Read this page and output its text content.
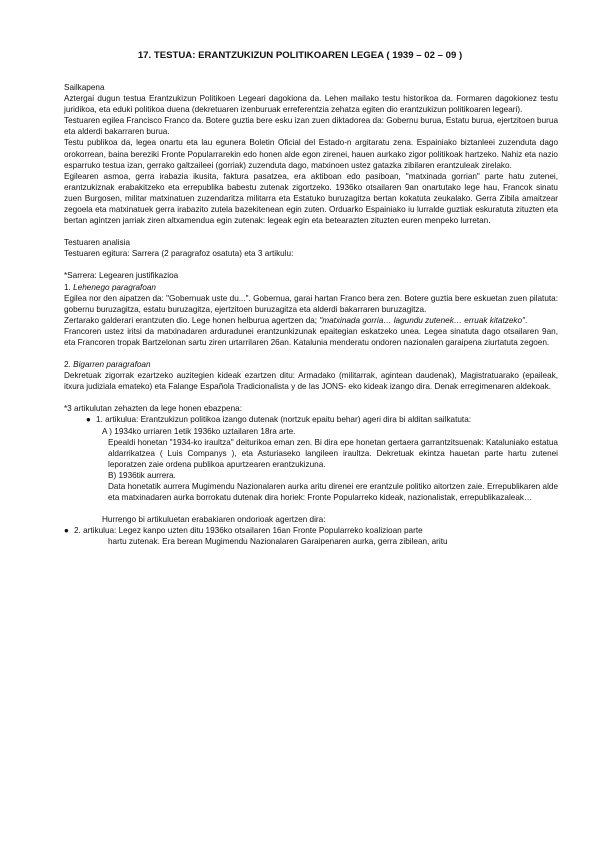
17. TESTUA: ERANTZUKIZUN POLITIKOAREN LEGEA ( 1939 – 02 – 09 )

Sailkapena

Aztergai dugun testua Erantzukizun Politikoen Legeari dagokiona da. Lehen mailako testu historikoa da. Formaren dagokionez testu juridikoa, eta eduki politikoa duena (dekretuaren izenburuak erreferentzia zehatza egiten dio erantzukizun politikoaren legeari).

Testuaren egilea Francisco Franco da. Botere guztia bere esku izan zuen diktadorea da: Gobernu burua, Estatu burua, ejertzitoen burua eta alderdi bakarraren burua.

Testu publikoa da, legea onartu eta lau egunera Boletin Oficial del Estado-n argitaratu zena. Espainiako biztanleei zuzenduta dago orokorrean, baina bereziki Fronte Popularrarekin edo honen alde egon zirenei, hauen aurkako zigor politikoak hartzeko. Nahiz eta nazio esparruko testua izan, gerrako galtzaileei (gorriak) zuzenduta dago, matxinoen ustez gatazka zibilaren erantzuleak zirelako.

Egilearen asmoa, gerra irabazia ikusita, faktura pasatzea, era aktiboan edo pasiboan, "matxinada gorrian" parte hatu zutenei, erantzukiznak erabakitzeko eta errepublika babestu zutenak zigortzeko. 1936ko otsailaren 9an onartutako lege hau, Francok sinatu zuen Burgosen, militar matxinatuen zuzendaritza militarra eta Estatuko buruzagitza bertan kokatuta zeukalako. Gerra Zibila amaitzear zegoela eta matxinatuek gerra irabazito zutela bazekitenean egin zuten. Orduarko Espainiako iu lurralde guztiak eskuratuta zituzten eta bertan agintzen jarriak ziren altxamenduа egin zutenak: legeak egin eta betearazten zituzten euren menpeko lurretan.

Testuaren analisia

Testuaren egitura: Sarrera (2 paragrafoz osatuta) eta 3 artikulu:

*Sarrera: Legearen justifikazioa

1. Lehenego paragrafoan

Egilea nor den aipatzen da: "Gobernuak uste du...". Gobernua, garai hartan Franco bera zen. Botere guztia bere eskuetan zuen pilatuta: gobernu buruzagitza, estatu buruzagitza, ejertzitoen buruzagitza eta alderdi bakarraren buruzagitza.

Zertarako galderari erantzuten dio. Lege honen helburua agertzen da; "matxinada gorria… lagundu zutenek… erruak kitatzeko".

Francoren ustez iritsi da matxinadaren arduradunei erantzunkizunak epaitegian eskatzeko unea. Legea sinatuta dago otsailaren 9an, eta Francoren tropak Bartzelonan sartu ziren urtarrilaren 26an. Katalunia menderatu ondoren nazionalen garaipena ziurtatuta zegoen.

2. Bigarren paragrafoan

Dekretuak zigorrak ezartzeko auzitegien kideak ezartzen ditu: Armadako (militarrak, agintean daudenak), Magistratuarako (epaileak, itxura judiziala emateko) eta Falange Española Tradicionalista y de las JONS- eko kideak izango dira. Denak erregimenaren aldekoak.

*3 artikulutan zehazten da lege honen ebazpena:

● 1. artikulua: Erantzukizun politikoa izango dutenak (nortzuk epaitu behar) ageri dira bi alditan sailkatuta:

A ) 1934ko urriaren 1etik 1936ko uztailaren 18ra arte.

Epealdi honetan "1934-ko iraultza" deiturikoa eman zen. Bi dira epe honetan gertaera garrantzitsuenak: Kataluniako estatua aldarrikatzea ( Luis Companys ), eta Asturiaseko langileen iraultza. Dekretuak ekintza hauetan parte hartu zutenei leporatzen zaie ordena publikoa apurtzearen erantzukizuna.

B) 1936tik aurrera.

Data honetatik aurrera Mugimendu Nazionalaren aurka aritu direnei ere erantzule politiko aitortzen zaie. Errepublikaren alde eta matxinadaren aurka borrokatu dutenak dira horiek: Fronte Popularreko kideak, nazionalistak, errepublikazaleak…

Hurrengo bi artikuluetan erabakiaren ondorioak agertzen dira:

● 2. artikulua: Legez kanpo uzten ditu 1936ko otsailaren 16an Fronte Popularreko koalizioan parte

hartu zutenak. Era berean Mugimendu Nazionalaren Garaipenaren aurka, gerra zibilean, aritu
